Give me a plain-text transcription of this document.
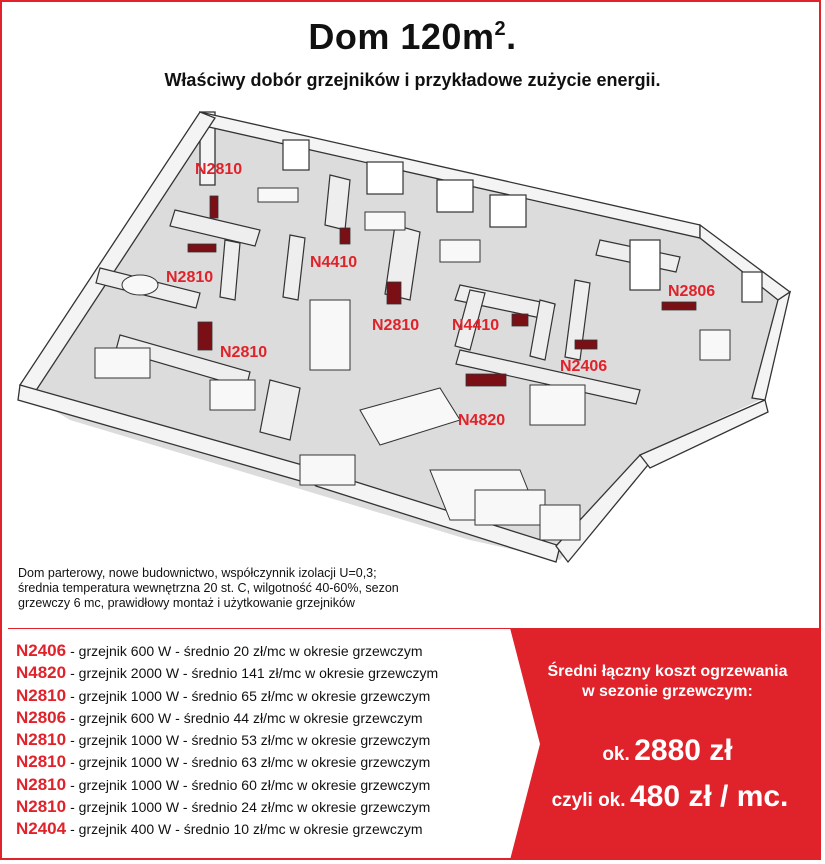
Dom $120m^2$.
Właściwy dobór grzejników i przykładowe zużycie energii.
N2810
N2810
N2810
N4410
N2810 N4410
N2806
N2406
N4820
Dom parterowy, nowe budownictwo, współczynnik izolacji U=0,3;
średnia temperatura wewnętrzna 20 st. C, wilgotność 40-60%, sezon
grzewczy 6 mc, prawidłowy montaż i użytkowanie grzejników
N2406 - grzejnik 600 W - średnio 20 zł/mc w okresie grzewczym
N4820 - grzejnik 2000 W - średnio 141 zł/mc w okresie grzewczym
N2810 - grzejnik 1000 W - średnio 65 zł/mc w okresie grzewczym
N2806 - grzejnik 600 W - średnio 44 zł/mc w okresie grzewczym
N2810 - grzejnik 1000 W - średnio 53 zł/mc w okresie grzewczym
N2810 - grzejnik 1000 W - średnio 63 zł/mc w okresie grzewczym
N2810 - grzejnik 1000 W - średnio 60 zł/mc w okresie grzewczym
N2810 - grzejnik 1000 W - średnio 24 zł/mc w okresie grzewczym
N2404 - grzejnik 400 W - średnio 10 zł/mc w okresie grzewczym
Średni łączny koszt ogrzewania
w sezonie grzewczym:
ok. 2880 zł
czyli ok. 480 zł / mc.
